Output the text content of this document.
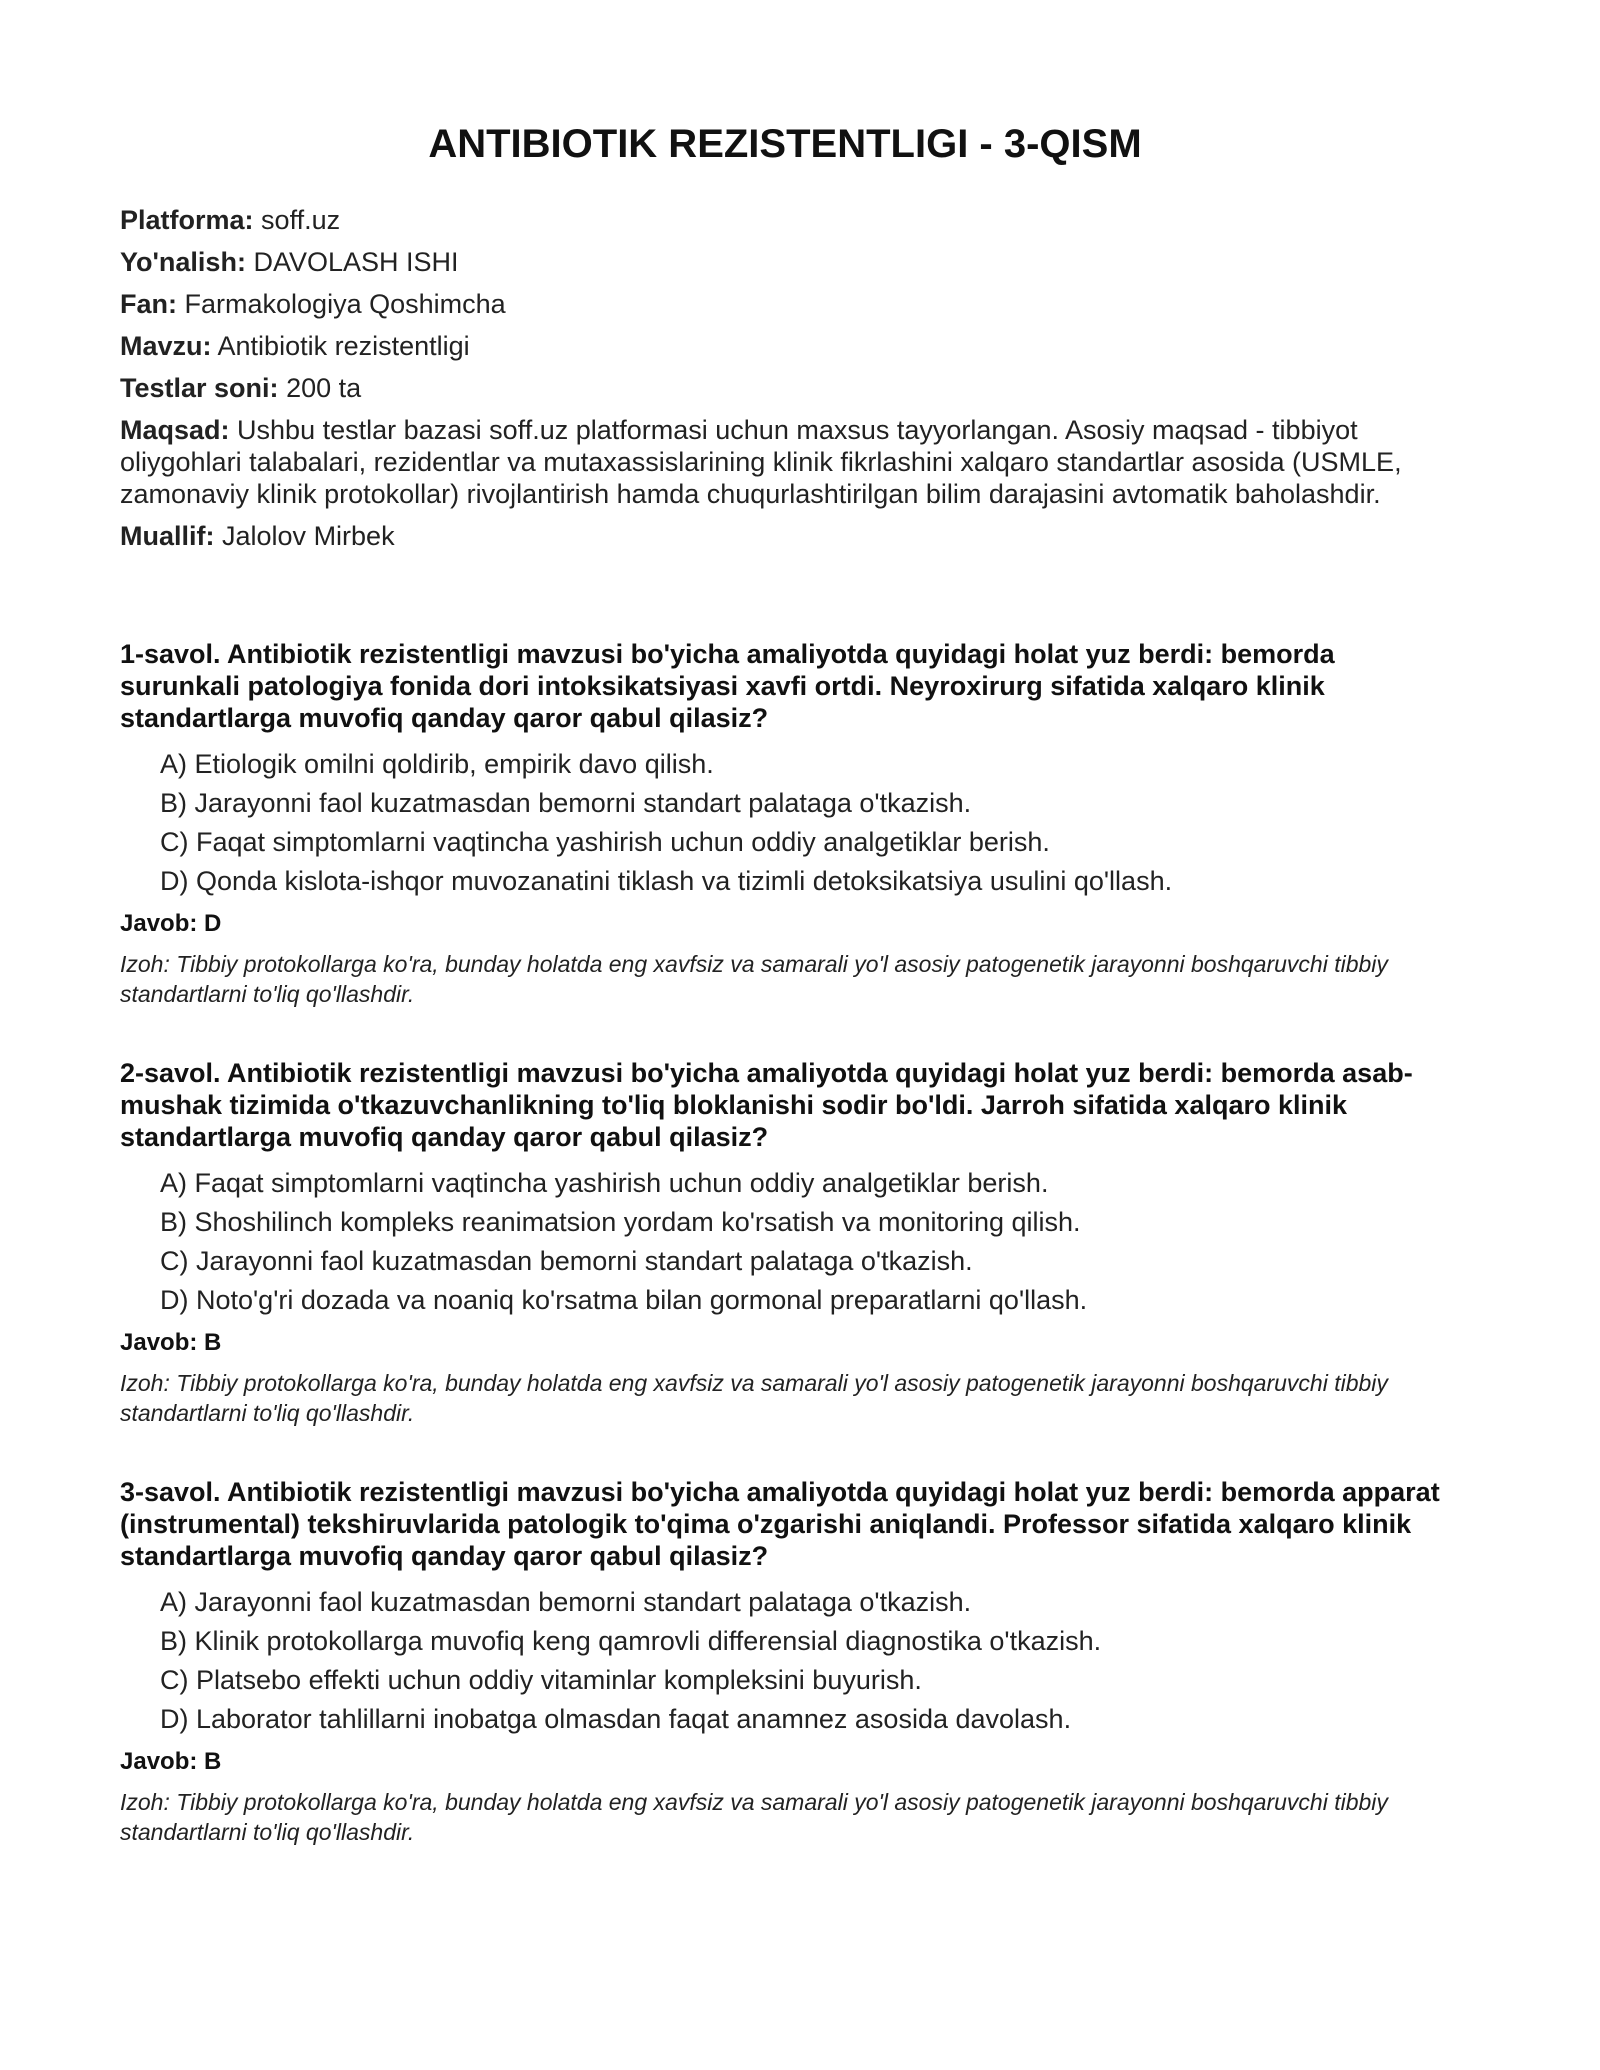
ANTIBIOTIK REZISTENTLIGI - 3-QISM

Platforma: soff.uz

Yo'nalish: DAVOLASH ISHI

Fan: Farmakologiya Qoshimcha

Mavzu: Antibiotik rezistentligi

Testlar soni: 200 ta

Maqsad: Ushbu testlar bazasi soff.uz platformasi uchun maxsus tayyorlangan. Asosiy maqsad - tibbiyot oliygohlari talabalari, rezidentlar va mutaxassislarining klinik fikrlashini xalqaro standartlar asosida (USMLE, zamonaviy klinik protokollar) rivojlantirish hamda chuqurlashtirilgan bilim darajasini avtomatik baholashdir.

Muallif: Jalolov Mirbek

1-savol. Antibiotik rezistentligi mavzusi bo'yicha amaliyotda quyidagi holat yuz berdi: bemorda surunkali patologiya fonida dori intoksikatsiyasi xavfi ortdi. Neyroxirurg sifatida xalqaro klinik standartlarga muvofiq qanday qaror qabul qilasiz?

A) Etiologik omilni qoldirib, empirik davo qilish.
B) Jarayonni faol kuzatmasdan bemorni standart palataga o'tkazish.
C) Faqat simptomlarni vaqtincha yashirish uchun oddiy analgetiklar berish.
D) Qonda kislota-ishqor muvozanatini tiklash va tizimli detoksikatsiya usulini qo'llash.

Javob: D

Izoh: Tibbiy protokollarga ko'ra, bunday holatda eng xavfsiz va samarali yo'l asosiy patogenetik jarayonni boshqaruvchi tibbiy standartlarni to'liq qo'llashdir.

2-savol. Antibiotik rezistentligi mavzusi bo'yicha amaliyotda quyidagi holat yuz berdi: bemorda asab-mushak tizimida o'tkazuvchanlikning to'liq bloklanishi sodir bo'ldi. Jarroh sifatida xalqaro klinik standartlarga muvofiq qanday qaror qabul qilasiz?

A) Faqat simptomlarni vaqtincha yashirish uchun oddiy analgetiklar berish.
B) Shoshilinch kompleks reanimatsion yordam ko'rsatish va monitoring qilish.
C) Jarayonni faol kuzatmasdan bemorni standart palataga o'tkazish.
D) Noto'g'ri dozada va noaniq ko'rsatma bilan gormonal preparatlarni qo'llash.

Javob: B

Izoh: Tibbiy protokollarga ko'ra, bunday holatda eng xavfsiz va samarali yo'l asosiy patogenetik jarayonni boshqaruvchi tibbiy standartlarni to'liq qo'llashdir.

3-savol. Antibiotik rezistentligi mavzusi bo'yicha amaliyotda quyidagi holat yuz berdi: bemorda apparat (instrumental) tekshiruvlarida patologik to'qima o'zgarishi aniqlandi. Professor sifatida xalqaro klinik standartlarga muvofiq qanday qaror qabul qilasiz?

A) Jarayonni faol kuzatmasdan bemorni standart palataga o'tkazish.
B) Klinik protokollarga muvofiq keng qamrovli differensial diagnostika o'tkazish.
C) Platsebo effekti uchun oddiy vitaminlar kompleksini buyurish.
D) Laborator tahlillarni inobatga olmasdan faqat anamnez asosida davolash.

Javob: B

Izoh: Tibbiy protokollarga ko'ra, bunday holatda eng xavfsiz va samarali yo'l asosiy patogenetik jarayonni boshqaruvchi tibbiy standartlarni to'liq qo'llashdir.
